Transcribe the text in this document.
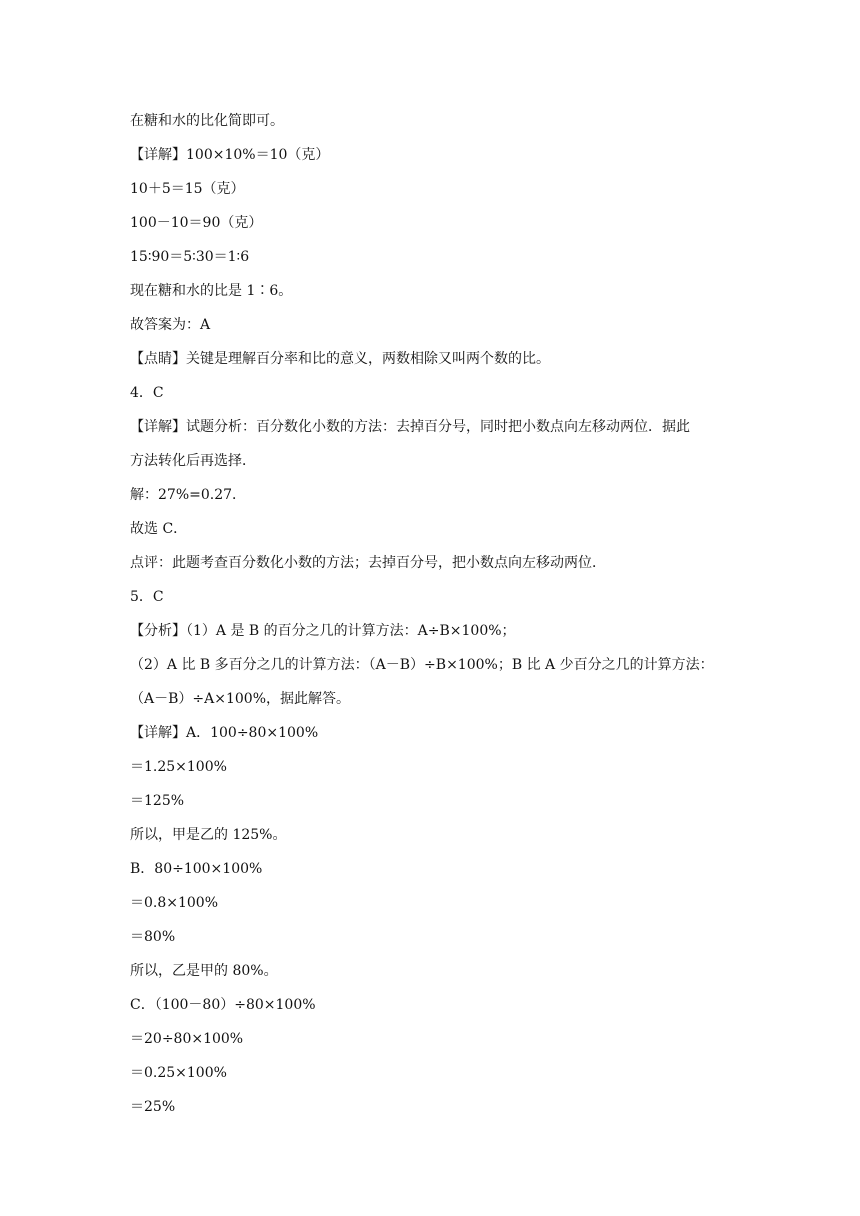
在糖和水的比化简即可。
【详解】100×10%＝10（克）
10＋5＝15（克）
100－10＝90（克）
15∶90＝5∶30＝1∶6
现在糖和水的比是 1∶6。
故答案为：A
【点睛】关键是理解百分率和比的意义，两数相除又叫两个数的比。
4．C
【详解】试题分析：百分数化小数的方法：去掉百分号，同时把小数点向左移动两位．据此
方法转化后再选择．
解：27%=0.27．
故选 C．
点评：此题考查百分数化小数的方法；去掉百分号，把小数点向左移动两位．
5．C
【分析】（1）A 是 B 的百分之几的计算方法：A÷B×100%；
（2）A 比 B 多百分之几的计算方法：（A－B）÷B×100%；B 比 A 少百分之几的计算方法：
（A－B）÷A×100%，据此解答。
【详解】A．100÷80×100%
＝1.25×100%
＝125%
所以，甲是乙的 125%。
B．80÷100×100%
＝0.8×100%
＝80%
所以，乙是甲的 80%。
C．（100－80）÷80×100%
＝20÷80×100%
＝0.25×100%
＝25%
